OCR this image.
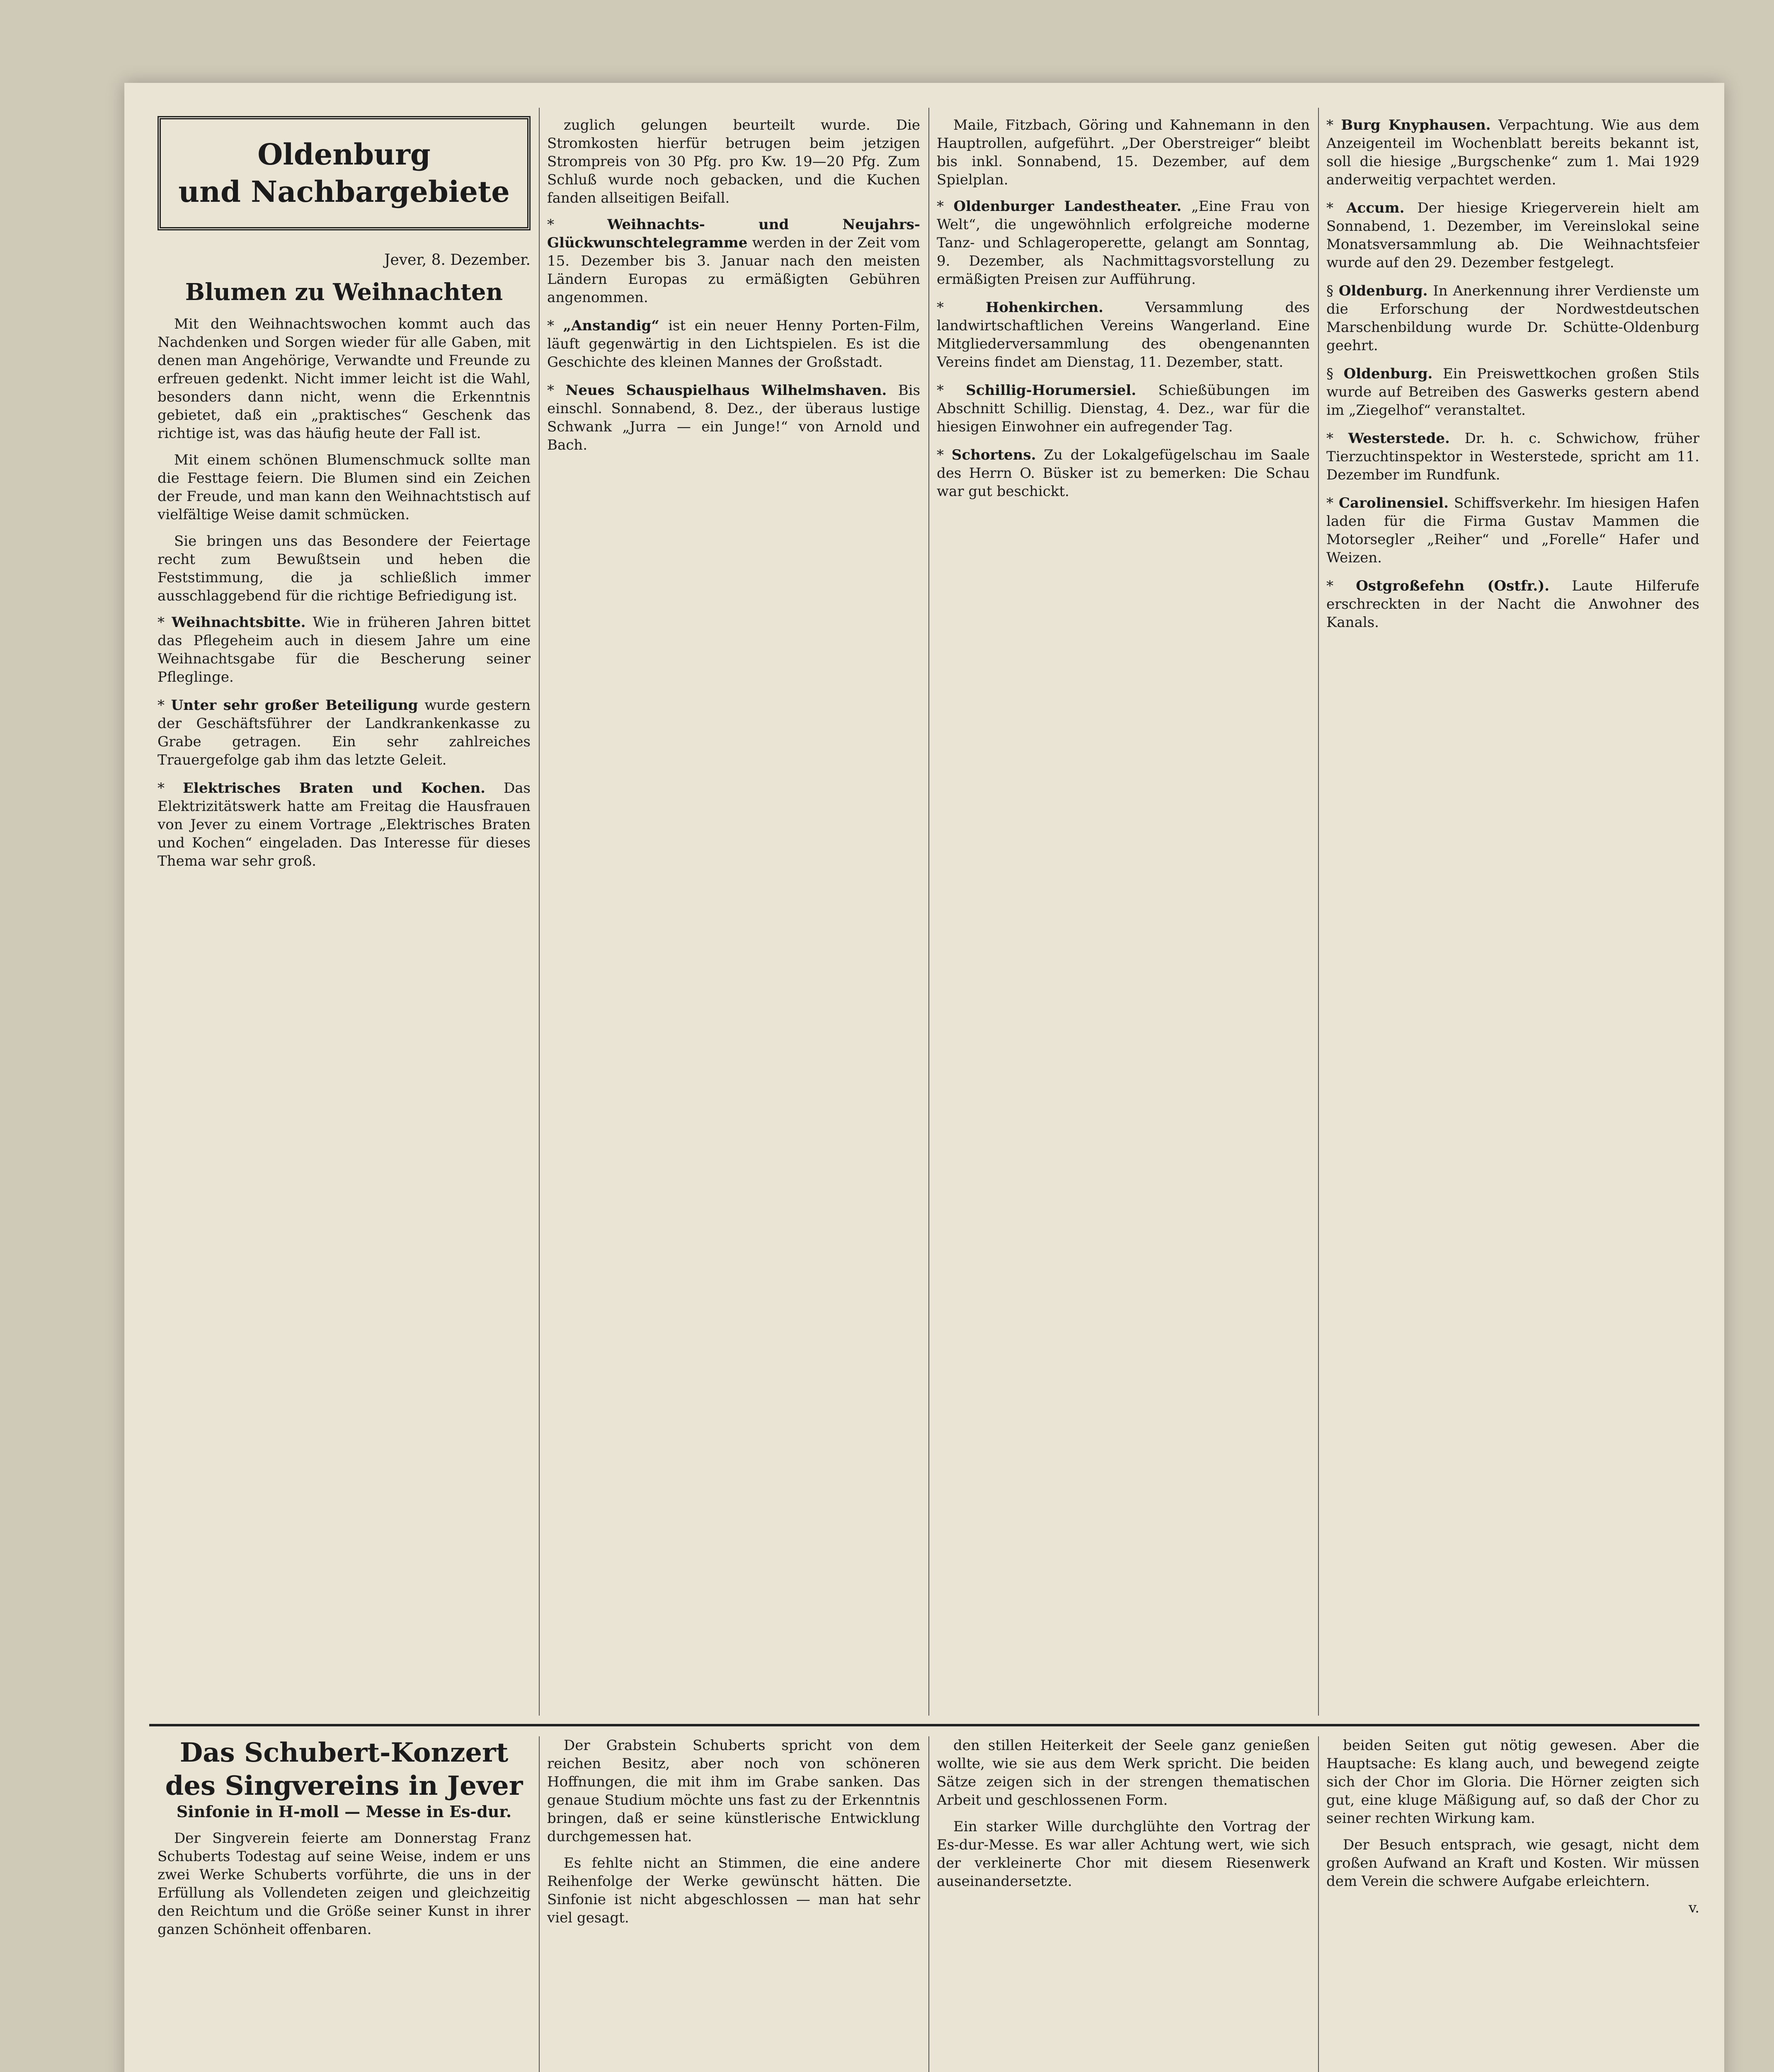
Oldenburg
und Nachbargebiete
Jever, 8. Dezember.
Blumen zu Weihnachten

Mit den Weihnachtswochen kommt auch das Nachdenken und Sorgen wieder für alle Gaben, mit denen man Angehörige, Verwandte und Freunde zu erfreuen gedenkt. Nicht immer leicht ist die Wahl, besonders dann nicht, wenn die Erkenntnis gebietet, daß ein „praktisches“ Geschenk das richtige ist, was das häufig heute der Fall ist.

Mit einem schönen Blumenschmuck sollte man die Festtage feiern. Die Blumen sind ein Zeichen der Freude, und man kann den Weihnachtstisch auf vielfältige Weise damit schmücken.

Sie bringen uns das Besondere der Feiertage recht zum Bewußtsein und heben die Feststimmung, die ja schließlich immer ausschlaggebend für die richtige Befriedigung ist.

* Weihnachtsbitte. Wie in früheren Jahren bittet das Pflegeheim auch in diesem Jahre um eine Weihnachtsgabe für die Bescherung seiner Pfleglinge.

* Unter sehr großer Beteiligung wurde gestern der Geschäftsführer der Landkrankenkasse zu Grabe getragen. Ein sehr zahlreiches Trauergefolge gab ihm das letzte Geleit.

* Elektrisches Braten und Kochen. Das Elektrizitätswerk hatte am Freitag die Hausfrauen von Jever zu einem Vortrage „Elektrisches Braten und Kochen“ eingeladen. Das Interesse für dieses Thema war sehr groß.

zuglich gelungen beurteilt wurde. Die Stromkosten hierfür betrugen beim jetzigen Strompreis von 30 Pfg. pro Kw. 19—20 Pfg. Zum Schluß wurde noch gebacken, und die Kuchen fanden allseitigen Beifall.

* Weihnachts- und Neujahrs-Glückwunschtelegramme werden in der Zeit vom 15. Dezember bis 3. Januar nach den meisten Ländern Europas zu ermäßigten Gebühren angenommen.

* „Anstandig“ ist ein neuer Henny Porten-Film, läuft gegenwärtig in den Lichtspielen. Es ist die Geschichte des kleinen Mannes der Großstadt.

* Neues Schauspielhaus Wilhelmshaven. Bis einschl. Sonnabend, 8. Dez., der überaus lustige Schwank „Jurra — ein Junge!“ von Arnold und Bach.

Maile, Fitzbach, Göring und Kahnemann in den Hauptrollen, aufgeführt. „Der Oberstreiger“ bleibt bis inkl. Sonnabend, 15. Dezember, auf dem Spielplan.

* Oldenburger Landestheater. „Eine Frau von Welt“, die ungewöhnlich erfolgreiche moderne Tanz- und Schlageroperette, gelangt am Sonntag, 9. Dezember, als Nachmittagsvorstellung zu ermäßigten Preisen zur Aufführung.

* Hohenkirchen.	Versammlung des landwirtschaftlichen Vereins Wangerland. Eine Mitgliederversammlung des obengenannten Vereins findet am Dienstag, 11. Dezember, statt.

* Schillig-Horumersiel. Schießübungen im Abschnitt Schillig. Dienstag, 4. Dez., war für die hiesigen Einwohner ein aufregender Tag.

* Schortens. Zu der Lokalgefügelschau im Saale des Herrn O. Büsker ist zu bemerken: Die Schau war gut beschickt.

* Burg Knyphausen. Verpachtung. Wie aus dem Anzeigenteil im Wochenblatt bereits bekannt ist, soll die hiesige „Burgschenke“ zum 1. Mai 1929 anderweitig verpachtet werden.

* Accum. Der hiesige Kriegerverein hielt am Sonnabend, 1. Dezember, im Vereinslokal seine Monatsversammlung ab. Die Weihnachtsfeier wurde auf den 29. Dezember festgelegt.

§ Oldenburg. In Anerkennung ihrer Verdienste um die Erforschung der Nordwestdeutschen Marschenbildung wurde Dr. Schütte-Oldenburg geehrt.

§ Oldenburg. Ein Preiswettkochen großen Stils wurde auf Betreiben des Gaswerks gestern abend im „Ziegelhof“ veranstaltet.

* Westerstede. Dr. h. c. Schwichow, früher Tierzuchtinspektor in Westerstede, spricht am 11. Dezember im Rundfunk.

* Carolinensiel. Schiffsverkehr. Im hiesigen Hafen laden für die Firma Gustav Mammen die Motorsegler „Reiher“ und „Forelle“ Hafer und Weizen.

* Ostgroßefehn (Ostfr.). Laute Hilferufe erschreckten in der Nacht die Anwohner des Kanals.

Das Schubert-Konzert
des Singvereins in Jever
Sinfonie in H-moll — Messe in Es-dur.

Der Singverein feierte am Donnerstag Franz Schuberts Todestag auf seine Weise, indem er uns zwei Werke Schuberts vorführte, die uns in der Erfüllung als Vollendeten zeigen und gleichzeitig den Reichtum und die Größe seiner Kunst in ihrer ganzen Schönheit offenbaren.

Der Grabstein Schuberts spricht von dem reichen Besitz, aber noch von schöneren Hoffnungen, die mit ihm im Grabe sanken. Das genaue Studium möchte uns fast zu der Erkenntnis bringen, daß er seine künstlerische Entwicklung durchgemessen hat.

Es fehlte nicht an Stimmen, die eine andere Reihenfolge der Werke gewünscht hätten. Die Sinfonie ist nicht abgeschlossen — man hat sehr viel gesagt.

den stillen Heiterkeit der Seele ganz genießen wollte, wie sie aus dem Werk spricht. Die beiden Sätze zeigen sich in der strengen thematischen Arbeit und geschlossenen Form.

Ein starker Wille durchglühte den Vortrag der Es-dur-Messe. Es war aller Achtung wert, wie sich der verkleinerte Chor mit diesem Riesenwerk auseinandersetzte.

beiden Seiten gut nötig gewesen. Aber die Hauptsache: Es klang auch, und bewegend zeigte sich der Chor im Gloria. Die Hörner zeigten sich gut, eine kluge Mäßigung auf, so daß der Chor zu seiner rechten Wirkung kam.

Der Besuch entsprach, wie gesagt, nicht dem großen Aufwand an Kraft und Kosten. Wir müssen dem Verein die schwere Aufgabe erleichtern.

v.
